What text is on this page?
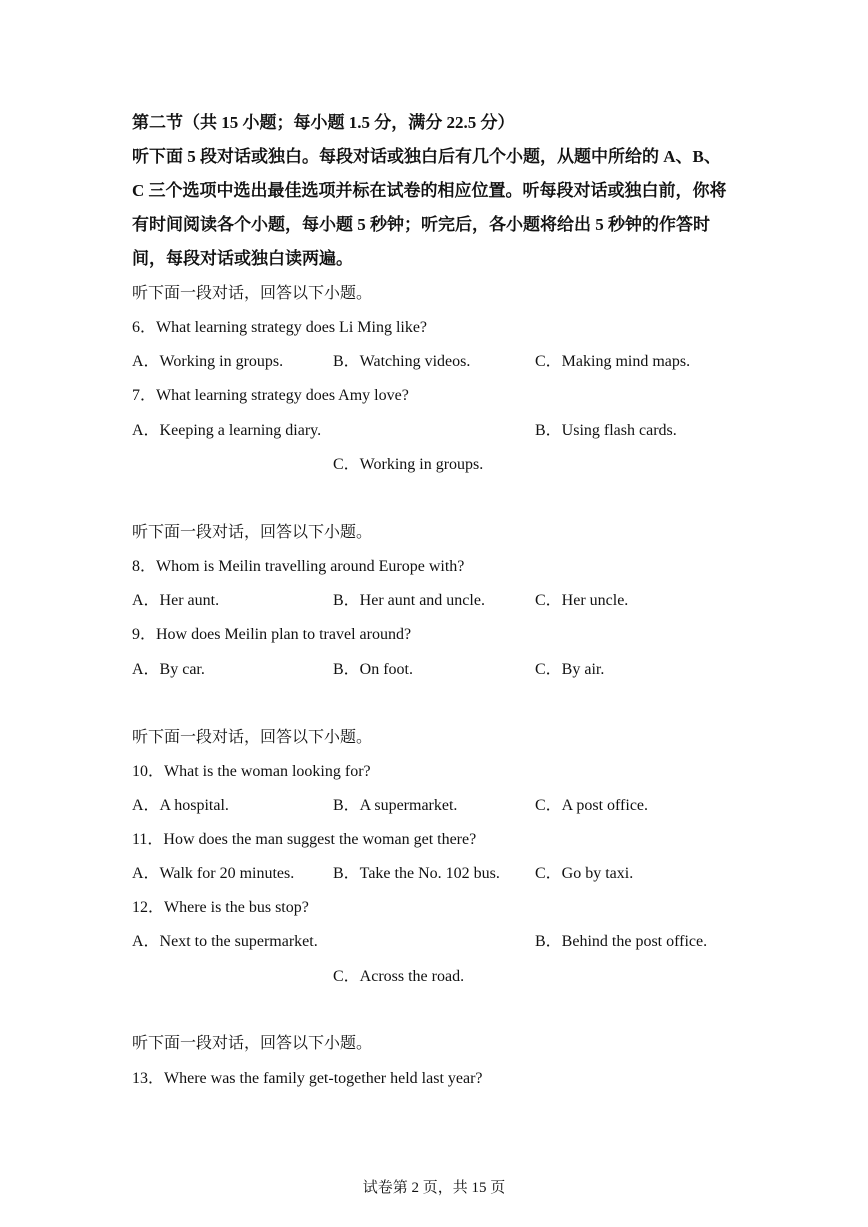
第二节（共 15 小题；每小题 1.5 分，满分 22.5 分）
听下面 5 段对话或独白。每段对话或独白后有几个小题，从题中所给的 A、B、
C 三个选项中选出最佳选项并标在试卷的相应位置。听每段对话或独白前，你将
有时间阅读各个小题，每小题 5 秒钟；听完后，各小题将给出 5 秒钟的作答时
间，每段对话或独白读两遍。
听下面一段对话，回答以下小题。
6．What learning strategy does Li Ming like?
A．Working in groups.	B．Watching videos.	C．Making mind maps.
7．What learning strategy does Amy love?
A．Keeping a learning diary.	B．Using flash cards.
C．Working in groups.
听下面一段对话，回答以下小题。
8．Whom is Meilin travelling around Europe with?
A．Her aunt.	B．Her aunt and uncle.	C．Her uncle.
9．How does Meilin plan to travel around?
A．By car.	B．On foot.	C．By air.
听下面一段对话，回答以下小题。
10．What is the woman looking for?
A．A hospital.	B．A supermarket.	C．A post office.
11．How does the man suggest the woman get there?
A．Walk for 20 minutes. B．Take the No. 102 bus. C．Go by taxi.
12．Where is the bus stop?
A．Next to the supermarket.	B．Behind the post office.
C．Across the road.
听下面一段对话，回答以下小题。
13．Where was the family get-together held last year?
试卷第 2 页，共 15 页
